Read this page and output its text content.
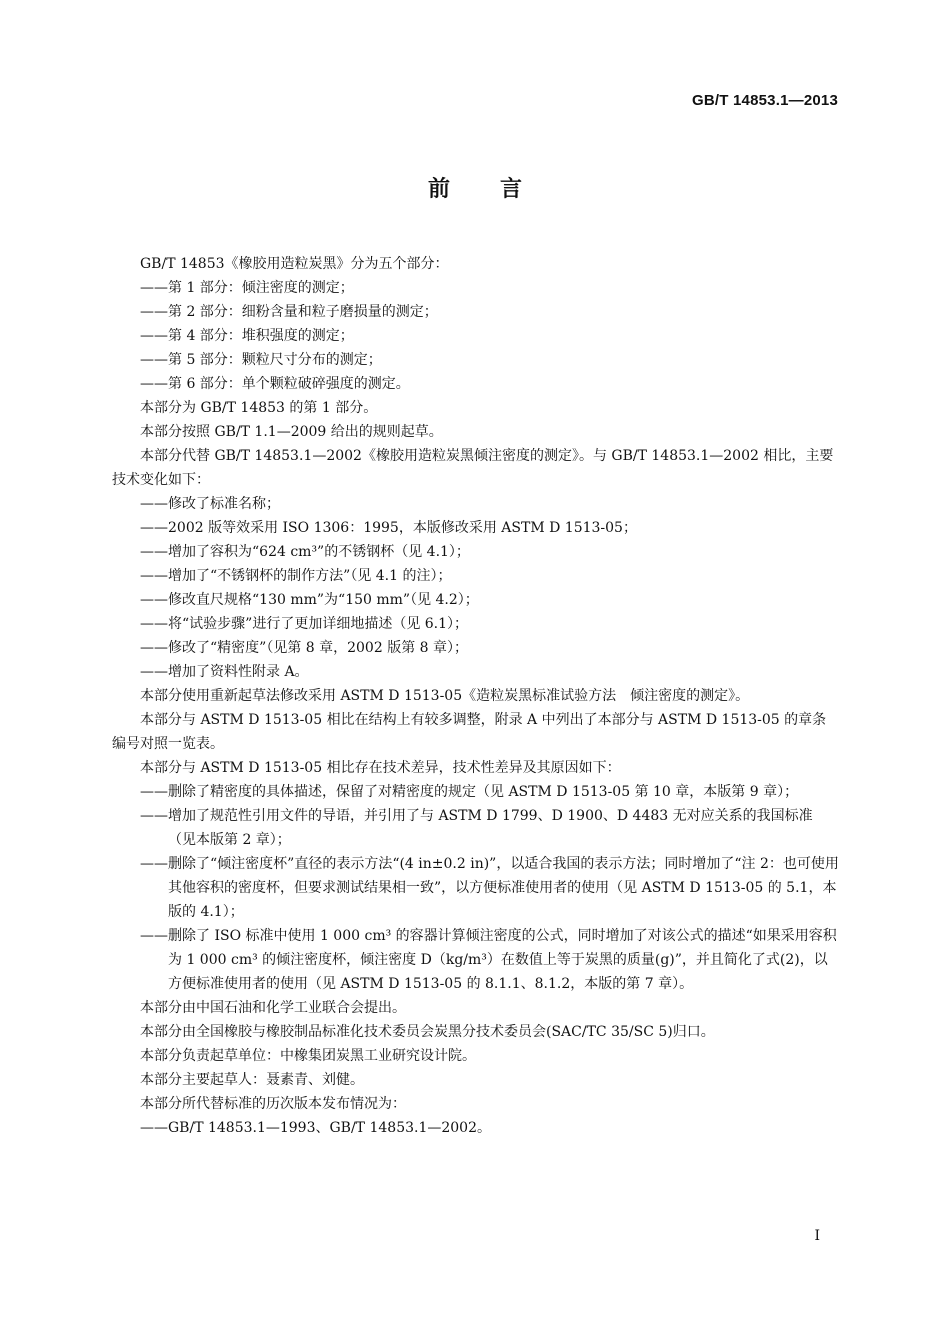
GB/T 14853.1—2013
前言

GB/T 14853《橡胶用造粒炭黑》分为五个部分：

——第 1 部分：倾注密度的测定；

——第 2 部分：细粉含量和粒子磨损量的测定；

——第 4 部分：堆积强度的测定；

——第 5 部分：颗粒尺寸分布的测定；

——第 6 部分：单个颗粒破碎强度的测定。

本部分为 GB/T 14853 的第 1 部分。

本部分按照 GB/T 1.1—2009 给出的规则起草。

本部分代替 GB/T 14853.1—2002《橡胶用造粒炭黑倾注密度的测定》。与 GB/T 14853.1—2002 相比，主要技术变化如下：

——修改了标准名称；

——2002 版等效采用 ISO 1306：1995，本版修改采用 ASTM D 1513-05；

——增加了容积为“624 cm³”的不锈钢杯（见 4.1）；

——增加了“不锈钢杯的制作方法”（见 4.1 的注）；

——修改直尺规格“130 mm”为“150 mm”（见 4.2）；

——将“试验步骤”进行了更加详细地描述（见 6.1）；

——修改了“精密度”（见第 8 章，2002 版第 8 章）；

——增加了资料性附录 A。

本部分使用重新起草法修改采用 ASTM D 1513-05《造粒炭黑标准试验方法　倾注密度的测定》。

本部分与 ASTM D 1513-05 相比在结构上有较多调整，附录 A 中列出了本部分与 ASTM D 1513-05 的章条编号对照一览表。

本部分与 ASTM D 1513-05 相比存在技术差异，技术性差异及其原因如下：

——删除了精密度的具体描述，保留了对精密度的规定（见 ASTM D 1513-05 第 10 章，本版第 9 章）；

——增加了规范性引用文件的导语，并引用了与 ASTM D 1799、D 1900、D 4483 无对应关系的我国标准（见本版第 2 章）；

——删除了“倾注密度杯”直径的表示方法“(4 in±0.2 in)”，以适合我国的表示方法；同时增加了“注 2：也可使用其他容积的密度杯，但要求测试结果相一致”，以方便标准使用者的使用（见 ASTM D 1513-05 的 5.1，本版的 4.1）；

——删除了 ISO 标准中使用 1 000 cm³ 的容器计算倾注密度的公式，同时增加了对该公式的描述“如果采用容积为 1 000 cm³ 的倾注密度杯，倾注密度 D（kg/m³）在数值上等于炭黑的质量(g)”，并且简化了式(2)，以方便标准使用者的使用（见 ASTM D 1513-05 的 8.1.1、8.1.2，本版的第 7 章）。

本部分由中国石油和化学工业联合会提出。

本部分由全国橡胶与橡胶制品标准化技术委员会炭黑分技术委员会(SAC/TC 35/SC 5)归口。

本部分负责起草单位：中橡集团炭黑工业研究设计院。

本部分主要起草人：聂素青、刘健。

本部分所代替标准的历次版本发布情况为：

——GB/T 14853.1—1993、GB/T 14853.1—2002。

I
